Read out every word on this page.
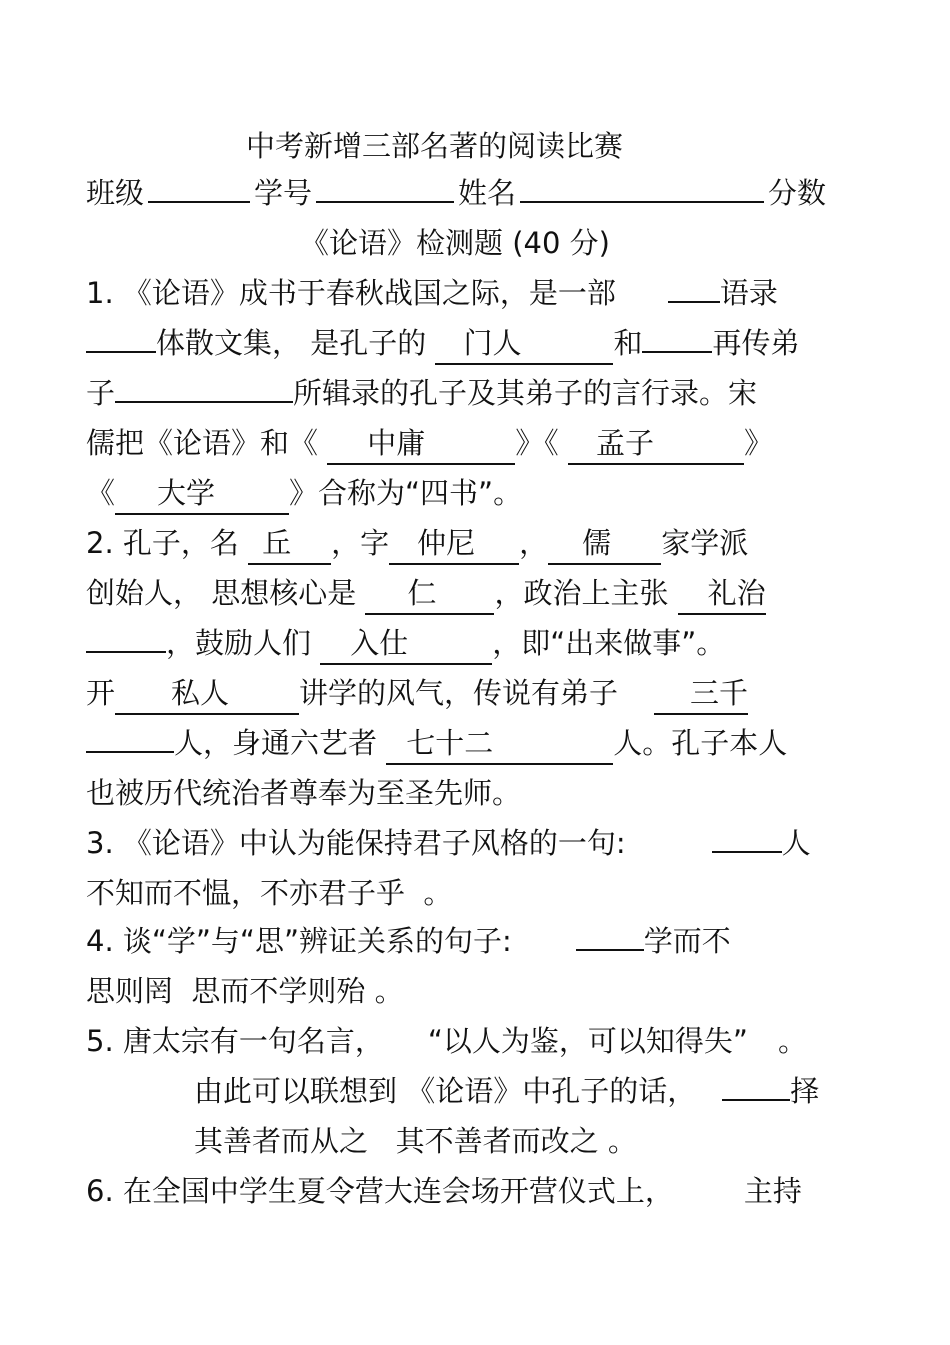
中考新增三部名著的阅读比赛
班级	学号	姓名	分数
《论语》检测题 (40 分)
1. 《论语》成书于春秋战国之际，是一部	语录
体散文集， 是孔子的 门人	和 再传弟
子	所辑录的孔子及其弟子的言行录。宋
儒把《论语》和《 中庸	》《 孟子	》
《 大学	》合称为“四书”。
2. 孔子，名 丘 ，字 仲尼 ， 儒 家学派
创始人， 思想核心是 仁 ，政治上主张 礼治
，鼓励人们 入仕	，即“出来做事”。
开 私人 讲学的风气，传说有弟子 三千
人，身通六艺者 七十二	人。孔子本人
也被历代统治者尊奉为至圣先师。
3. 《论语》中认为能保持君子风格的一句:	人
不知而不愠，不亦君子乎  。
4. 谈“学”与“思”辨证关系的句子:	学而不
思则罔  思而不学则殆 。
5. 唐太宗有一句名言， “以人为鉴，可以知得失” 。
由此可以联想到 《论语》中孔子的话，	择
其善者而从之   其不善者而改之 。
6. 在全国中学生夏令营大连会场开营仪式上， 主持
